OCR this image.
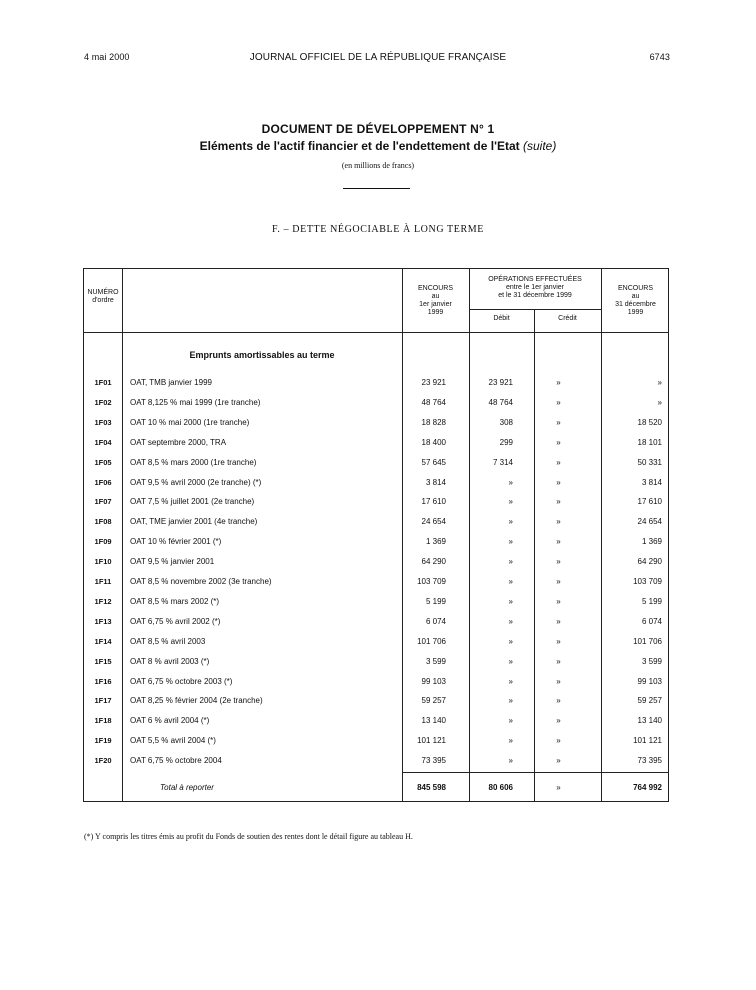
4 mai 2000	JOURNAL OFFICIEL DE LA RÉPUBLIQUE FRANÇAISE	6743
DOCUMENT DE DÉVELOPPEMENT N° 1
Eléments de l'actif financier et de l'endettement de l'Etat (suite)
(en millions de francs)
F. – DETTE NÉGOCIABLE À LONG TERME
NUMÉRO
d'ordre
ENCOURS
au
1er janvier
1999
OPÉRATIONS EFFECTUÉES
entre le 1er janvier
et le 31 décembre 1999
Débit	Crédit
ENCOURS
au
31 décembre
1999
Emprunts amortissables au terme
1F01	OAT, TMB janvier 1999	23 921	23 921	»	»
1F02	OAT 8,125 % mai 1999 (1re tranche)	48 764	48 764	»	»
1F03	OAT 10 % mai 2000 (1re tranche)	18 828	308	»	18 520
1F04	OAT septembre 2000, TRA	18 400	299	»	18 101
1F05	OAT 8,5 % mars 2000 (1re tranche)	57 645	7 314	»	50 331
1F06	OAT 9,5 % avril 2000 (2e tranche) (*)	3 814	»	»	3 814
1F07	OAT 7,5 % juillet 2001 (2e tranche)	17 610	»	»	17 610
1F08	OAT, TME janvier 2001 (4e tranche)	24 654	»	»	24 654
1F09	OAT 10 % février 2001 (*)	1 369	»	»	1 369
1F10	OAT 9,5 % janvier 2001	64 290	»	»	64 290
1F11	OAT 8,5 % novembre 2002 (3e tranche)	103 709	»	»	103 709
1F12	OAT 8,5 % mars 2002 (*)	5 199	»	»	5 199
1F13	OAT 6,75 % avril 2002 (*)	6 074	»	»	6 074
1F14	OAT 8,5 % avril 2003	101 706	»	»	101 706
1F15	OAT 8 % avril 2003 (*)	3 599	»	»	3 599
1F16	OAT 6,75 % octobre 2003 (*)	99 103	»	»	99 103
1F17	OAT 8,25 % février 2004 (2e tranche)	59 257	»	»	59 257
1F18	OAT 6 % avril 2004 (*)	13 140	»	»	13 140
1F19	OAT 5,5 % avril 2004 (*)	101 121	»	»	101 121
1F20	OAT 6,75 % octobre 2004	73 395	»	»	73 395
Total à reporter	845 598	80 606	»	764 992
(*) Y compris les titres émis au profit du Fonds de soutien des rentes dont le détail figure au tableau H.
